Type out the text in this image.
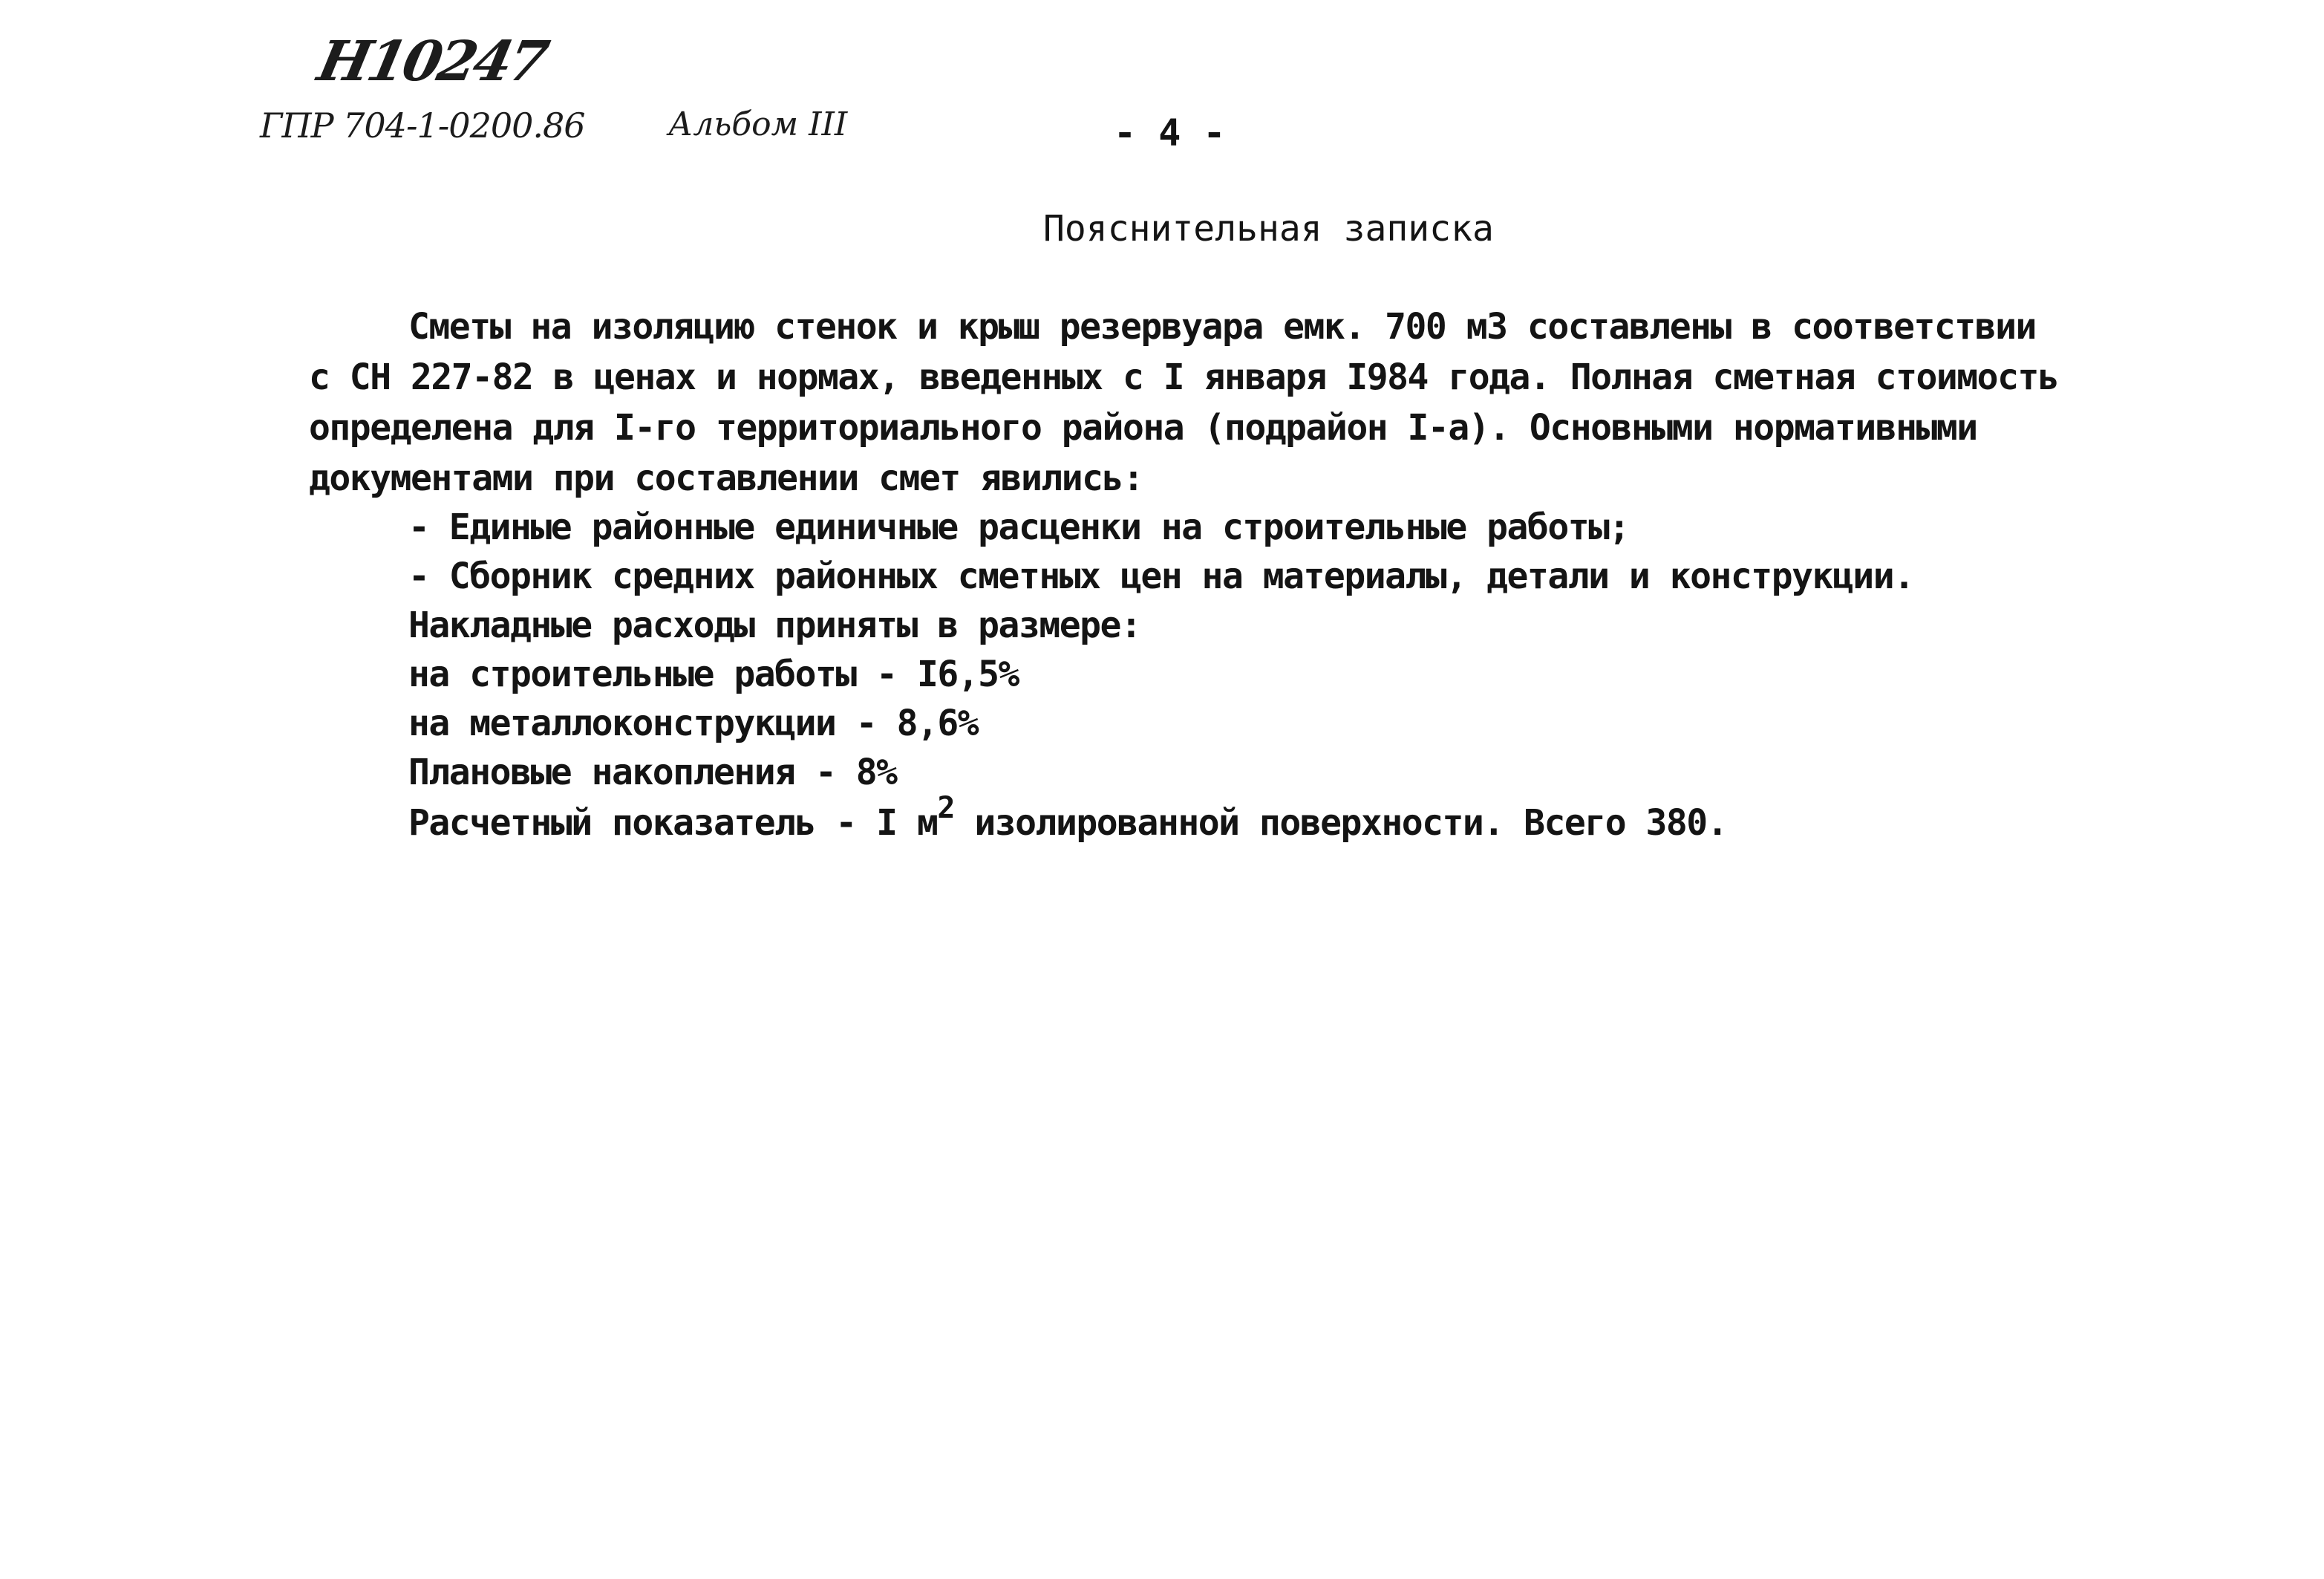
Н10247
ГПР 704-1-0200.86	Альбом III	- 4 -
Пояснительная записка
Сметы на изоляцию стенок и крыш резервуара емк. 700 м3 составлены в соответствии
с СН 227-82 в ценах и нормах, введенных с I января I984 года. Полная сметная стоимость
определена для I-го территориального района (подрайон I-а). Основными нормативными
документами при составлении смет явились:
- Единые районные единичные расценки на строительные работы;
- Сборник средних районных сметных цен на материалы, детали и конструкции.
Накладные расходы приняты в размере:
на строительные работы - I6,5%
на металлоконструкции - 8,6%
Плановые накопления - 8%
Расчетный показатель - I $м^2$ изолированной поверхности. Всего 380.
